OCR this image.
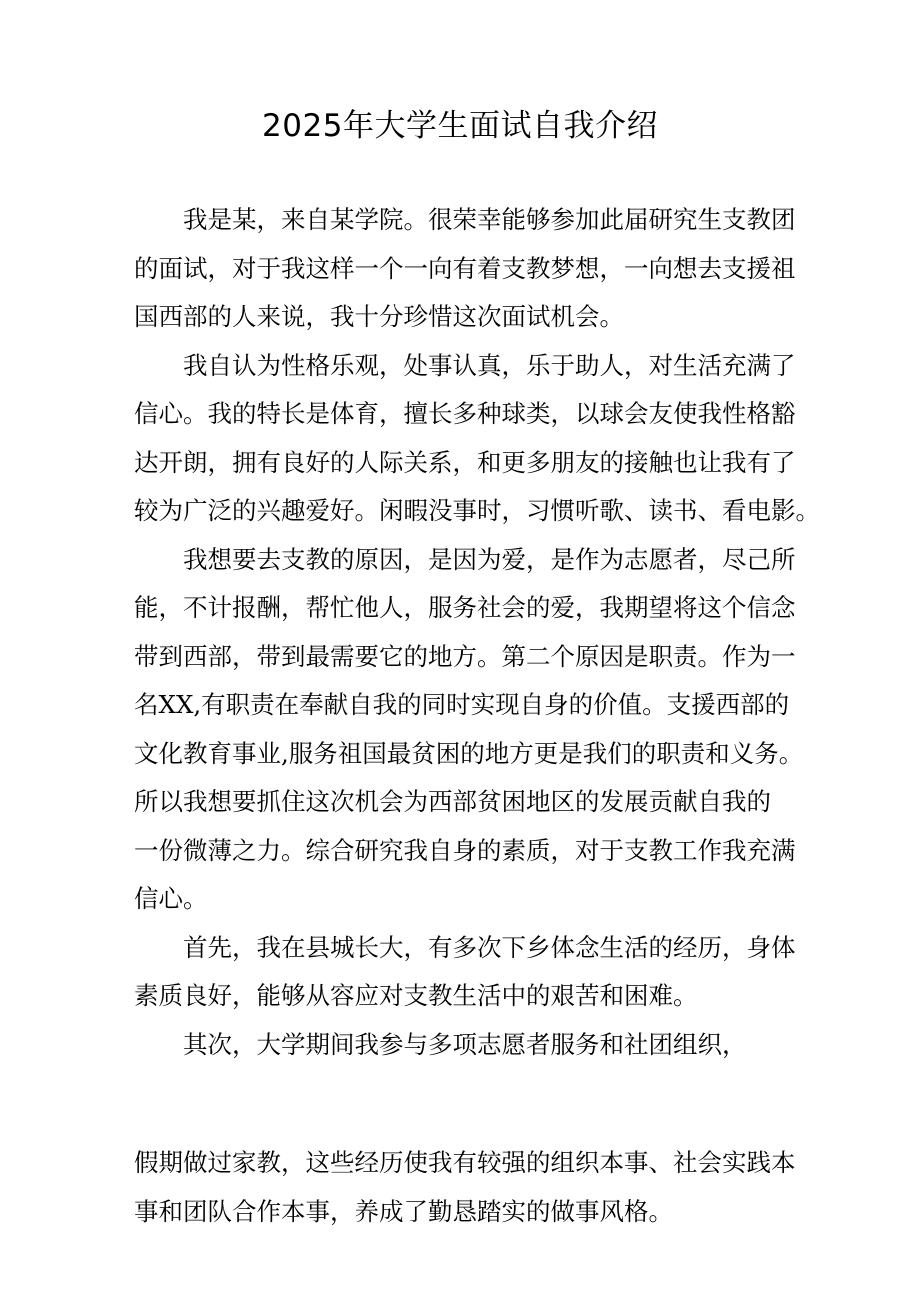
2025年大学生面试自我介绍
我是某，来自某学院。很荣幸能够参加此届研究生支教团
的面试，对于我这样一个一向有着支教梦想，一向想去支援祖
国西部的人来说，我十分珍惜这次面试机会。
我自认为性格乐观，处事认真，乐于助人，对生活充满了
信心。我的特长是体育，擅长多种球类，以球会友使我性格豁
达开朗，拥有良好的人际关系，和更多朋友的接触也让我有了
较为广泛的兴趣爱好。闲暇没事时，习惯听歌、读书、看电影。
我想要去支教的原因，是因为爱，是作为志愿者，尽己所
能，不计报酬，帮忙他人，服务社会的爱，我期望将这个信念
带到西部，带到最需要它的地方。第二个原因是职责。作为一
名XX,有职责在奉献自我的同时实现自身的价值。支援西部的
文化教育事业,服务祖国最贫困的地方更是我们的职责和义务。
所以我想要抓住这次机会为西部贫困地区的发展贡献自我的
一份微薄之力。综合研究我自身的素质，对于支教工作我充满
信心。
首先，我在县城长大，有多次下乡体念生活的经历，身体
素质良好，能够从容应对支教生活中的艰苦和困难。
其次，大学期间我参与多项志愿者服务和社团组织，
假期做过家教，这些经历使我有较强的组织本事、社会实践本
事和团队合作本事，养成了勤恳踏实的做事风格。
